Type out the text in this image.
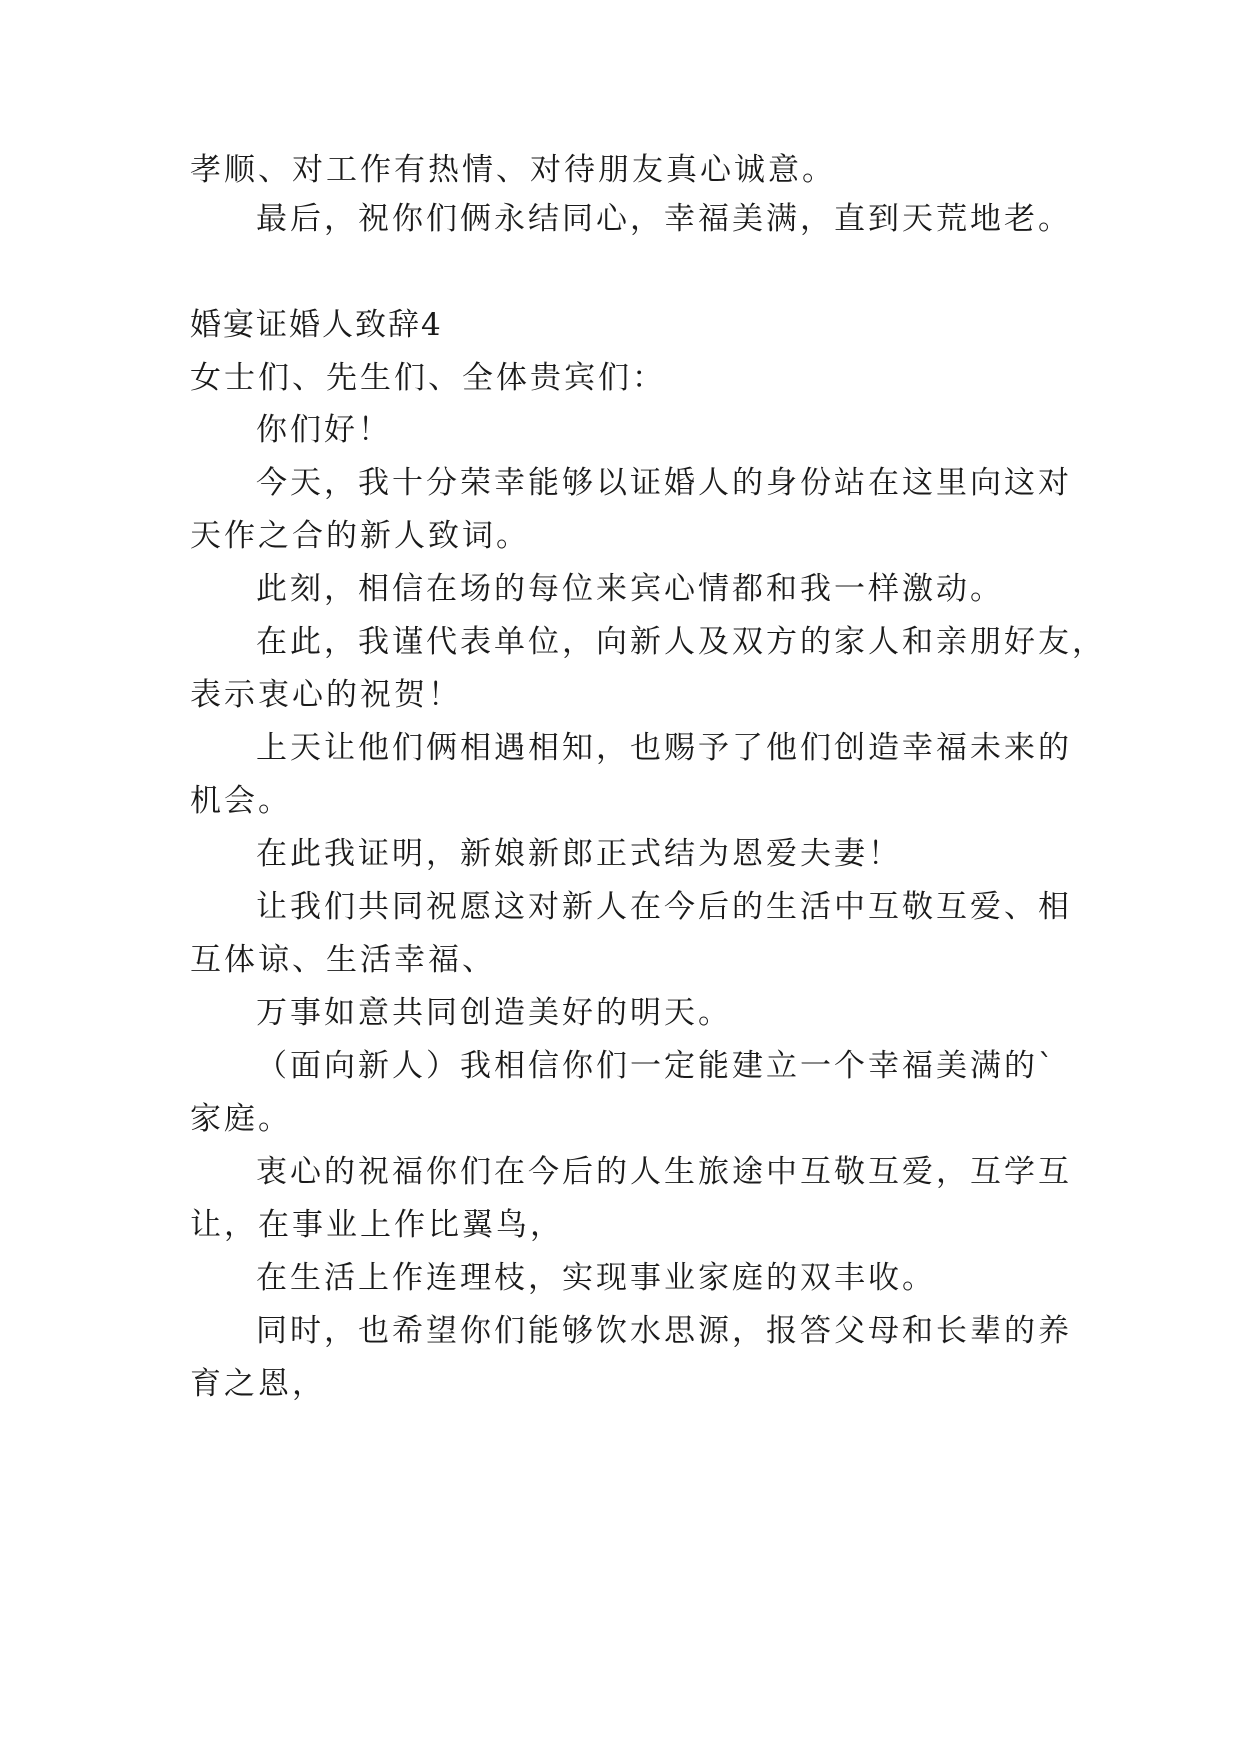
孝顺、对工作有热情、对待朋友真心诚意。
最后，祝你们俩永结同心，幸福美满，直到天荒地老。
婚宴证婚人致辞4
女士们、先生们、全体贵宾们：
你们好！
今天，我十分荣幸能够以证婚人的身份站在这里向这对
天作之合的新人致词。
此刻，相信在场的每位来宾心情都和我一样激动。
在此，我谨代表单位，向新人及双方的家人和亲朋好友，
表示衷心的祝贺！
上天让他们俩相遇相知，也赐予了他们创造幸福未来的
机会。
在此我证明，新娘新郎正式结为恩爱夫妻！
让我们共同祝愿这对新人在今后的生活中互敬互爱、相
互体谅、生活幸福、
万事如意共同创造美好的明天。
（面向新人）我相信你们一定能建立一个幸福美满的`
家庭。
衷心的祝福你们在今后的人生旅途中互敬互爱，互学互
让，在事业上作比翼鸟，
在生活上作连理枝，实现事业家庭的双丰收。
同时，也希望你们能够饮水思源，报答父母和长辈的养
育之恩，
